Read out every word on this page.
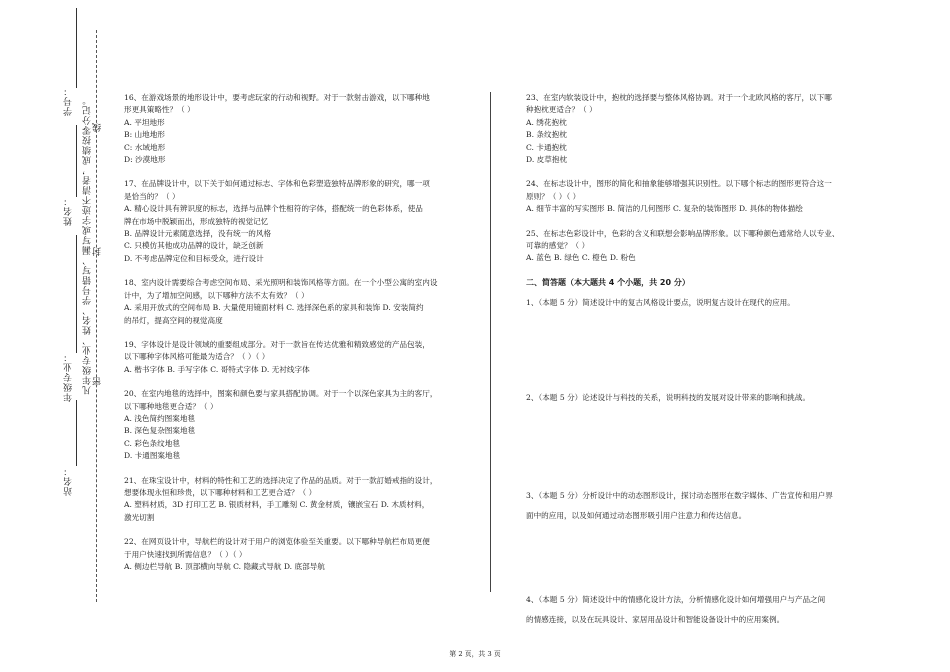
学号：
姓名：
年级专业：
站名：
凡年级专业、姓名、学号错写、漏写或字迹不清者，成绩按零分记。 线
封
密

16、在游戏场景的地形设计中，要考虑玩家的行动和视野。对于一款射击游戏，以下哪种地

形更具策略性？（ ）

A. 平坦地形

B: 山地地形

C: 水域地形

D: 沙漠地形

17、在品牌设计中，以下关于如何通过标志、字体和色彩塑造独特品牌形象的研究，哪一项

是恰当的？（ ）

A. 精心设计具有辨识度的标志，选择与品牌个性相符的字体，搭配统一的色彩体系，使品

牌在市场中脱颖而出，形成独特的视觉记忆

B. 品牌设计元素随意选择，没有统一的风格

C. 只模仿其他成功品牌的设计，缺乏创新

D. 不考虑品牌定位和目标受众，进行设计

18、室内设计需要综合考虑空间布局、采光照明和装饰风格等方面。在一个小型公寓的室内设

计中，为了增加空间感，以下哪种方法不太有效？（ ）

A. 采用开放式的空间布局 B. 大量使用镜面材料 C. 选择深色系的家具和装饰 D. 安装简约

的吊灯，提高空间的视觉高度

19、字体设计是设计领域的重要组成部分。对于一款旨在传达优雅和精致感觉的产品包装，

以下哪种字体风格可能最为适合？（ ）（ ）

A. 楷书字体 B. 手写字体 C. 哥特式字体 D. 无衬线字体

20、在室内地毯的选择中，图案和颜色要与家具搭配协调。对于一个以深色家具为主的客厅，

以下哪种地毯更合适？（ ）

A. 浅色简约图案地毯

B. 深色复杂图案地毯

C. 彩色条纹地毯

D. 卡通图案地毯

21、在珠宝设计中，材料的特性和工艺的选择决定了作品的品质。对于一款訂婚戒指的设计，

想要体现永恒和珍贵，以下哪种材料和工艺更合适？（ ）

A. 塑料材质，3D 打印工艺 B. 银质材料，手工雕刻 C. 黄金材质，镶嵌宝石 D. 木质材料，

激光切割

22、在网页设计中，导航栏的设计对于用户的浏览体验至关重要。以下哪种导航栏布局更便

于用户快速找到所需信息？（ ）（ ）

A. 侧边栏导航 B. 顶部横向导航 C. 隐藏式导航 D. 底部导航

23、在室内软装设计中，抱枕的选择要与整体风格协调。对于一个北欧风格的客厅，以下哪

种抱枕更适合？（ ）

A. 绣花抱枕

B. 条纹抱枕

C. 卡通抱枕

D. 皮草抱枕

24、在标志设计中，图形的简化和抽象能够增强其识别性。以下哪个标志的图形更符合这一

原则？（ ）（ ）

A. 细节丰富的写实图形 B. 简洁的几何图形 C. 复杂的装饰图形 D. 具体的物体描绘

25、在标志色彩设计中，色彩的含义和联想会影响品牌形象。以下哪种颜色通常给人以专业、

可靠的感觉？（ ）

A. 蓝色 B. 绿色 C. 橙色 D. 粉色

二、简答题（本大题共 4 个小题，共 20 分）

1、（本题 5 分）简述设计中的复古风格设计要点，说明复古设计在现代的应用。

2、（本题 5 分）论述设计与科技的关系，说明科技的发展对设计带来的影响和挑战。

3、（本题 5 分）分析设计中的动态图形设计，探讨动态图形在数字媒体、广告宣传和用户界

面中的应用，以及如何通过动态图形吸引用户注意力和传达信息。

4、（本题 5 分）简述设计中的情感化设计方法，分析情感化设计如何增强用户与产品之间

的情感连接，以及在玩具设计、家居用品设计和智能设备设计中的应用案例。

第 2 页，共 3 页
